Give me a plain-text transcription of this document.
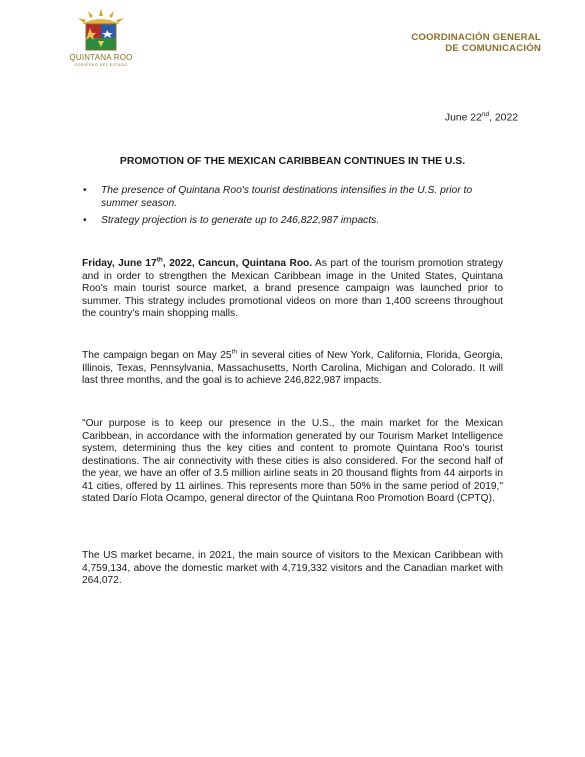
QUINTANA ROO
GOBIERNO DEL ESTADO
COORDINACIÓN GENERAL
DE COMUNICACIÓN
June 22nd, 2022
PROMOTION OF THE MEXICAN CARIBBEAN CONTINUES IN THE U.S.
• The presence of Quintana Roo's tourist destinations intensifies in the U.S. prior to summer season.
• Strategy projection is to generate up to 246,822,987 impacts.

Friday, June 17th, 2022, Cancun, Quintana Roo. As part of the tourism promotion strategy and in order to strengthen the Mexican Caribbean image in the United States, Quintana Roo's main tourist source market, a brand presence campaign was launched prior to summer. This strategy includes promotional videos on more than 1,400 screens throughout the country's main shopping malls.

The campaign began on May 25th in several cities of New York, California, Florida, Georgia, Illinois, Texas, Pennsylvania, Massachusetts, North Carolina, Michigan and Colorado. It will last three months, and the goal is to achieve 246,822,987 impacts.

"Our purpose is to keep our presence in the U.S., the main market for the Mexican Caribbean, in accordance with the information generated by our Tourism Market Intelligence system, determining thus the key cities and content to promote Quintana Roo's tourist destinations. The air connectivity with these cities is also considered. For the second half of the year, we have an offer of 3.5 million airline seats in 20 thousand flights from 44 airports in 41 cities, offered by 11 airlines. This represents more than 50% in the same period of 2019," stated Darío Flota Ocampo, general director of the Quintana Roo Promotion Board (CPTQ).

The US market became, in 2021, the main source of visitors to the Mexican Caribbean with 4,759,134, above the domestic market with 4,719,332 visitors and the Canadian market with 264,072.
